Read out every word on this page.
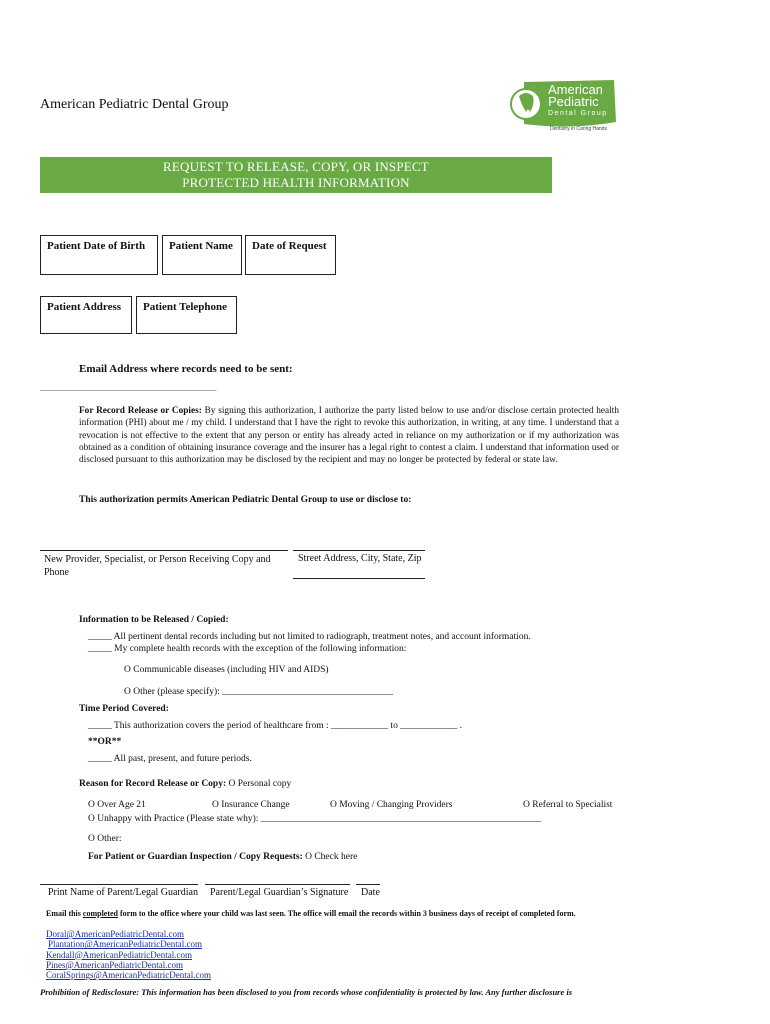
American Pediatric Dental Group
American
Pediatric
Dental Group
Dentistry in Caring Hands
REQUEST TO RELEASE, COPY, OR INSPECT
PROTECTED HEALTH INFORMATION
Patient Date of Birth	Patient Name	Date of Request
Patient Address	Patient Telephone
Email Address where records need to be sent:
____________________________________________
For Record Release or Copies: By signing this authorization, I authorize the party listed below to use and/or disclose certain protected health information (PHI) about me / my child. I understand that I have the right to revoke this authorization, in writing, at any time. I understand that a revocation is not effective to the extent that any person or entity has already acted in reliance on my authorization or if my authorization was obtained as a condition of obtaining insurance coverage and the insurer has a legal right to contest a claim. I understand that information used or disclosed pursuant to this authorization may be disclosed by the recipient and may no longer be protected by federal or state law.
This authorization permits American Pediatric Dental Group to use or disclose to:
New Provider, Specialist, or Person Receiving Copy and Phone
Street Address, City, State, Zip
Information to be Released / Copied:
_____ All pertinent dental records including but not limited to radiograph, treatment notes, and account information.
_____ My complete health records with the exception of the following information:
O Communicable diseases (including HIV and AIDS)
O Other (please specify): ____________________________________
Time Period Covered:
_____ This authorization covers the period of healthcare from : ____________ to ____________ .
**OR**
_____ All past, present, and future periods.
Reason for Record Release or Copy: O Personal copy
O Over Age 21	O Insurance Change	O Moving / Changing Providers	O Referral to Specialist
O Unhappy with Practice (Please state why): ___________________________________________________________
O Other:
For Patient or Guardian Inspection / Copy Requests: O Check here
Print Name of Parent/Legal Guardian Parent/Legal Guardian’s Signature Date
Email this completed form to the office where your child was last seen. The office will email the records within 3 business days of receipt of completed form.
Doral@AmericanPediatricDental.com
Plantation@AmericanPediatricDental.com
Kendall@AmericanPediatricDental.com
Pines@AmericanPediatricDental.com
CoralSprings@AmericanPediatricDental.com
Prohibition of Redisclosure: This information has been disclosed to you from records whose confidentiality is protected by law. Any further disclosure is
